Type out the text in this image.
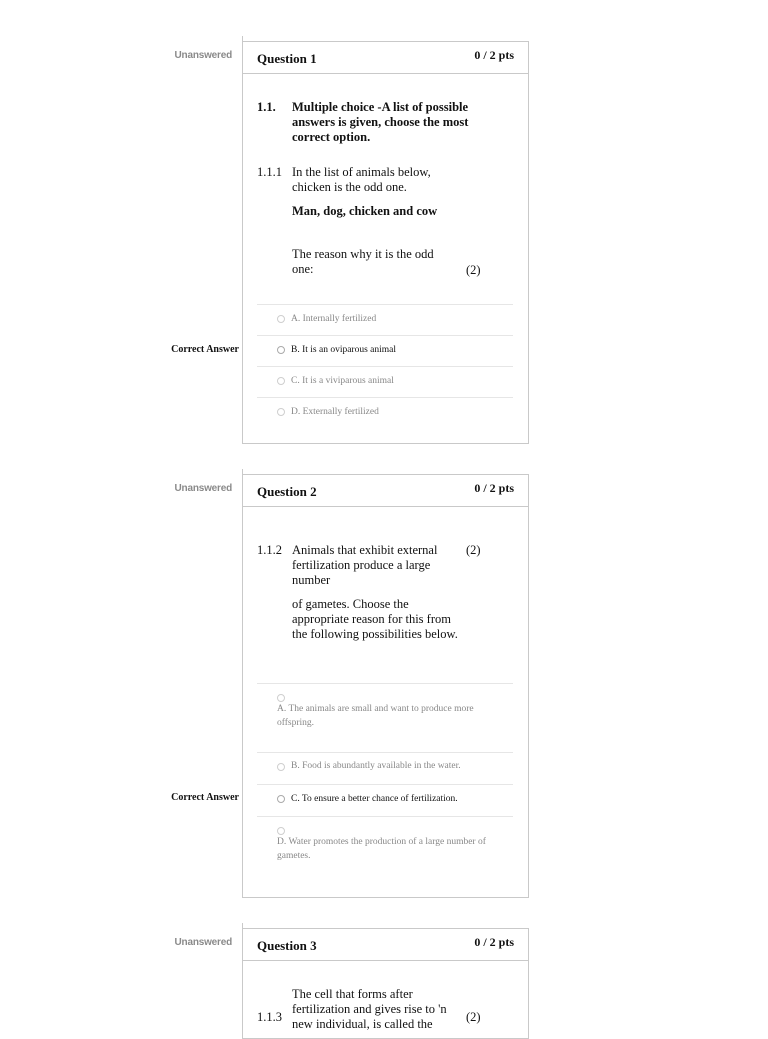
Unanswered Question 1	0 / 2 pts
1.1. Multiple choice -A list of possible answers is given, choose the most correct option.
1.1.1 In the list of animals below, chicken is the odd one.
Man, dog, chicken and cow
The reason why it is the odd one:	(2)
A. Internally fertilized
B. It is an oviparous animal
C. It is a viviparous animal
D. Externally fertilized
Correct Answer
Unanswered Question 2	0 / 2 pts
1.1.2 Animals that exhibit external fertilization produce a large number
(2)
of gametes. Choose the appropriate reason for this from the following possibilities below.
A. The animals are small and want to produce more offspring.
B. Food is abundantly available in the water.
C. To ensure a better chance of fertilization.
D. Water promotes the production of a large number of gametes.
Correct Answer
Unanswered Question 3	0 / 2 pts
1.1.3
The cell that forms after fertilization and gives rise to 'n new individual, is called the	(2)
